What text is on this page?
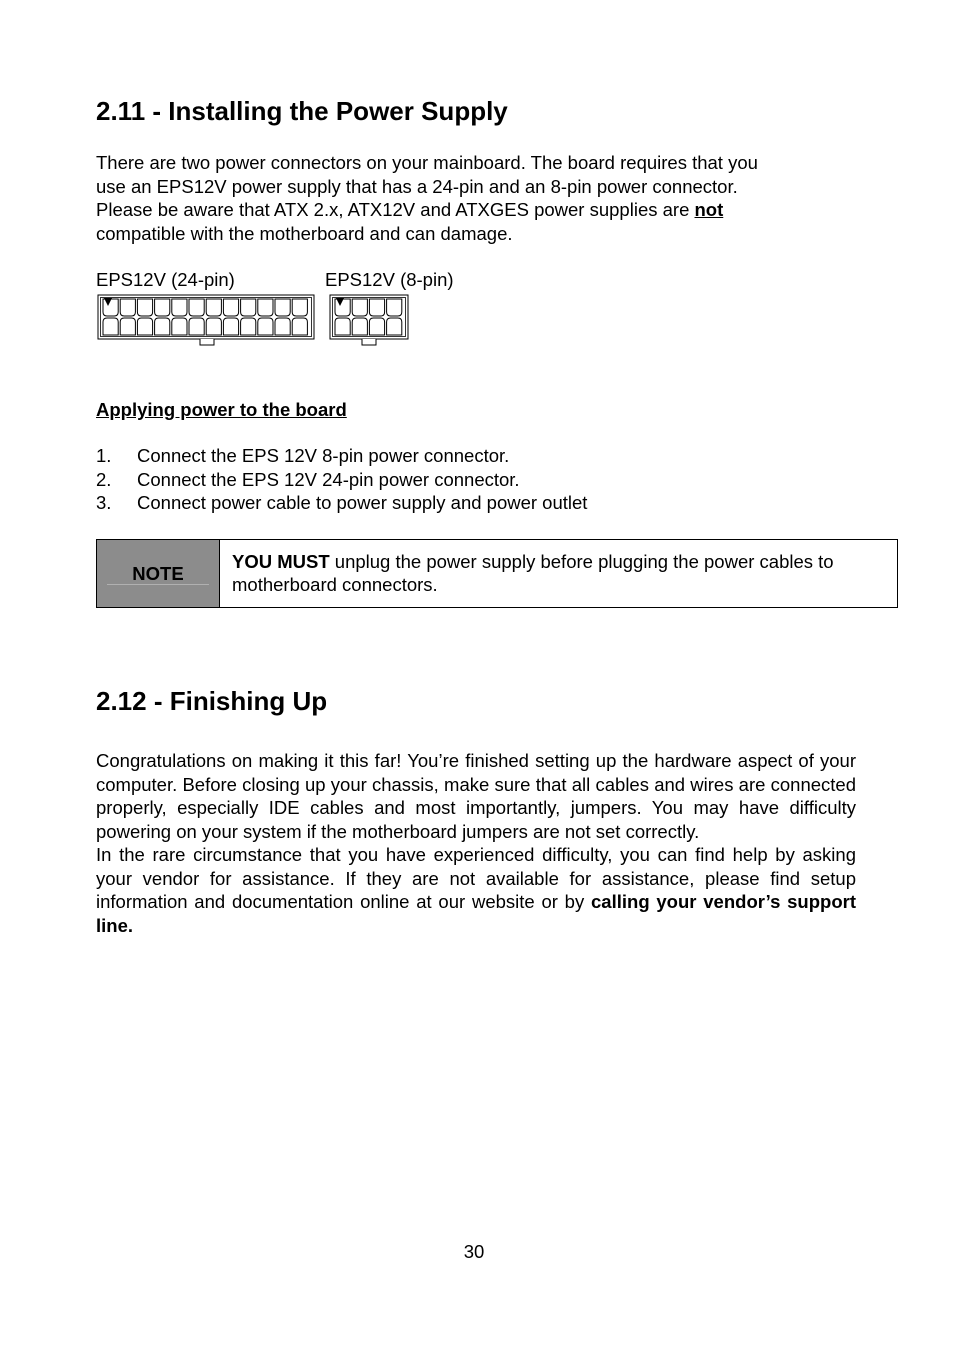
2.11 - Installing the Power Supply
There are two power connectors on your mainboard. The board requires that you
use an EPS12V power supply that has a 24-pin and an 8-pin power connector.
Please be aware that ATX 2.x, ATX12V and ATXGES power supplies are not
compatible with the motherboard and can damage.
EPS12V (24-pin)	EPS12V (8-pin)
Applying power to the board
1. Connect the EPS 12V 8-pin power connector.
2. Connect the EPS 12V 24-pin power connector.
3. Connect power cable to power supply and power outlet
NOTE
YOU MUST unplug the power supply before plugging the power cables to motherboard connectors.
2.12 - Finishing Up

Congratulations on making it this far! You’re finished setting up the hardware aspect of your computer. Before closing up your chassis, make sure that all cables and wires are connected properly, especially IDE cables and most importantly, jumpers. You may have difficulty powering on your system if the motherboard jumpers are not set correctly.

In the rare circumstance that you have experienced difficulty, you can find help by asking your vendor for assistance. If they are not available for assistance, please find setup information and documentation online at our website or by calling your vendor’s support line.

30
